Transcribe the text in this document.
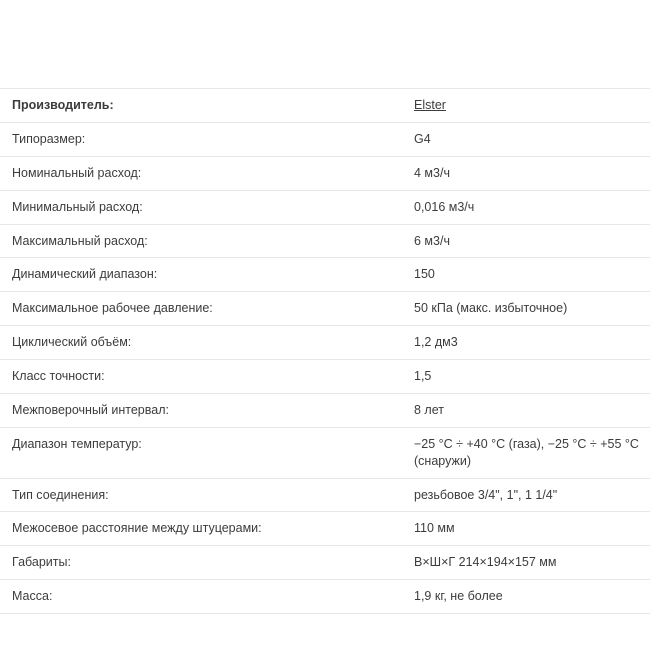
Производитель:	Elster
Типоразмер:	G4
Номинальный расход:	4 м3/ч
Минимальный расход:	0,016 м3/ч
Максимальный расход:	6 м3/ч
Динамический диапазон:	150
Максимальное рабочее давление:	50 кПа (макс. избыточное)
Циклический объём:	1,2 дм3
Класс точности:	1,5
Межповерочный интервал:	8 лет
Диапазон температур:	−25 °С ÷ +40 °С (газа), −25 °С ÷ +55 °С (снаружи)
Тип соединения:	резьбовое 3/4", 1", 1 1/4"
Межосевое расстояние между штуцерами:	110 мм
Габариты:	В×Ш×Г 214×194×157 мм
Масса:	1,9 кг, не более
